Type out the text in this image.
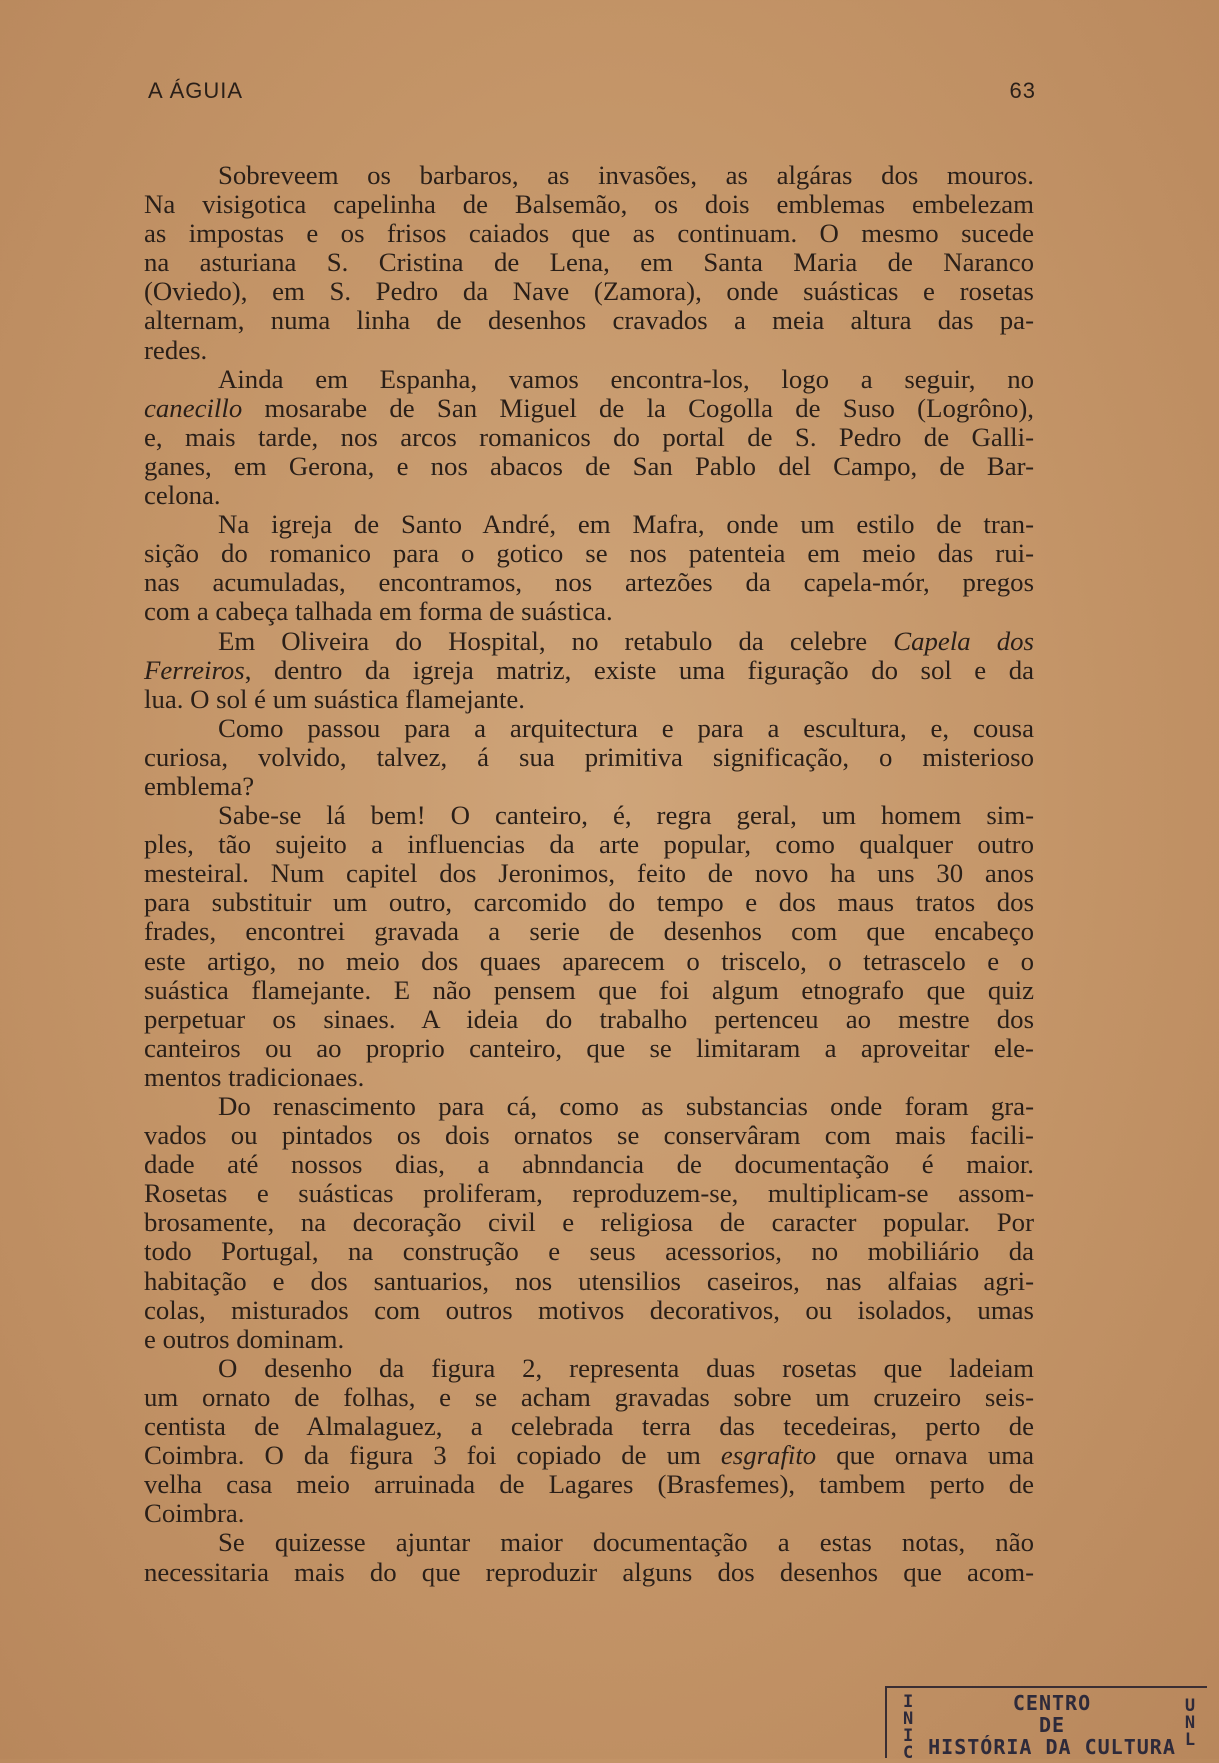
A ÁGUIA	63

Sobreveem os barbaros, as invasões, as algáras dos mouros.

Na visigotica capelinha de Balsemão, os dois emblemas embelezam

as impostas e os frisos caiados que as continuam. O mesmo sucede

na asturiana S. Cristina de Lena, em Santa Maria de Naranco

(Oviedo), em S. Pedro da Nave (Zamora), onde suásticas e rosetas

alternam, numa linha de desenhos cravados a meia altura das pa-

redes.

Ainda em Espanha, vamos encontra-los, logo a seguir, no

canecillo mosarabe de San Miguel de la Cogolla de Suso (Logrôno),

e, mais tarde, nos arcos romanicos do portal de S. Pedro de Galli-

ganes, em Gerona, e nos abacos de San Pablo del Campo, de Bar-

celona.

Na igreja de Santo André, em Mafra, onde um estilo de tran-

sição do romanico para o gotico se nos patenteia em meio das rui-

nas acumuladas, encontramos, nos artezões da capela-mór, pregos

com a cabeça talhada em forma de suástica.

Em Oliveira do Hospital, no retabulo da celebre Capela dos

Ferreiros, dentro da igreja matriz, existe uma figuração do sol e da

lua. O sol é um suástica flamejante.

Como passou para a arquitectura e para a escultura, e, cousa

curiosa, volvido, talvez, á sua primitiva significação, o misterioso

emblema?

Sabe-se lá bem! O canteiro, é, regra geral, um homem sim-

ples, tão sujeito a influencias da arte popular, como qualquer outro

mesteiral. Num capitel dos Jeronimos, feito de novo ha uns 30 anos

para substituir um outro, carcomido do tempo e dos maus tratos dos

frades, encontrei gravada a serie de desenhos com que encabeço

este artigo, no meio dos quaes aparecem o triscelo, o tetrascelo e o

suástica flamejante. E não pensem que foi algum etnografo que quiz

perpetuar os sinaes. A ideia do trabalho pertenceu ao mestre dos

canteiros ou ao proprio canteiro, que se limitaram a aproveitar ele-

mentos tradicionaes.

Do renascimento para cá, como as substancias onde foram gra-

vados ou pintados os dois ornatos se conservâram com mais facili-

dade até nossos dias, a abnndancia de documentação é maior.

Rosetas e suásticas proliferam, reproduzem-se, multiplicam-se assom-

brosamente, na decoração civil e religiosa de caracter popular. Por

todo Portugal, na construção e seus acessorios, no mobiliário da

habitação e dos santuarios, nos utensilios caseiros, nas alfaias agri-

colas, misturados com outros motivos decorativos, ou isolados, umas

e outros dominam.

O desenho da figura 2, representa duas rosetas que ladeiam

um ornato de folhas, e se acham gravadas sobre um cruzeiro seis-

centista de Almalaguez, a celebrada terra das tecedeiras, perto de

Coimbra. O da figura 3 foi copiado de um esgrafito que ornava uma

velha casa meio arruinada de Lagares (Brasfemes), tambem perto de

Coimbra.

Se quizesse ajuntar maior documentação a estas notas, não

necessitaria mais do que reproduzir alguns dos desenhos que acom-

I
N
I
C
CENTRO
DE
HISTÓRIA DA CULTURA
U
N
L
